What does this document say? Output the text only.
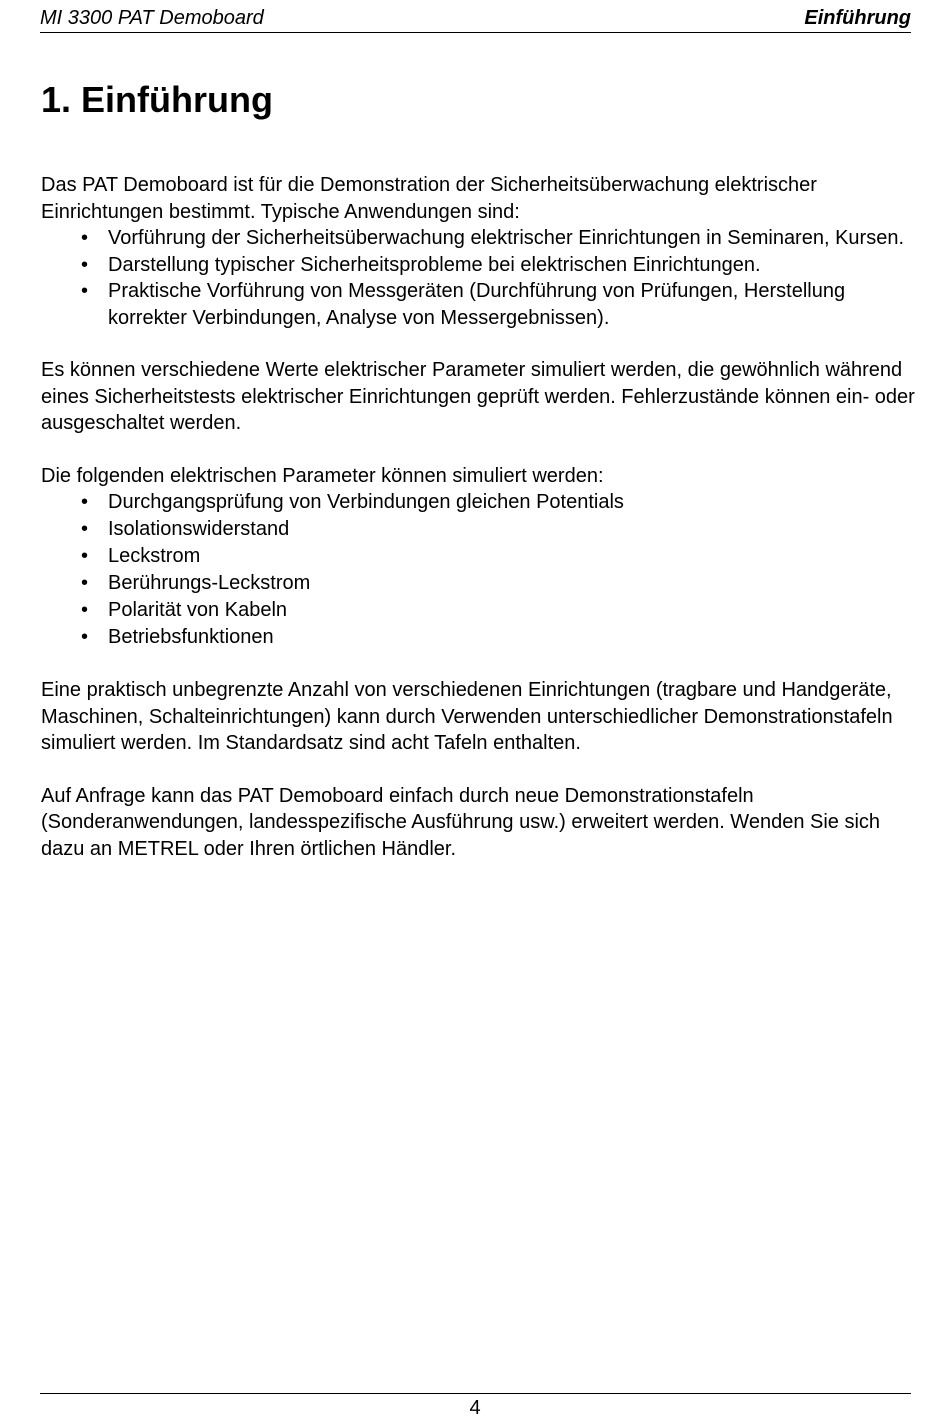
MI 3300 PAT Demoboard	Einführung
1. Einführung

Das PAT Demoboard ist für die Demonstration der Sicherheitsüberwachung elektrischer Einrichtungen bestimmt. Typische Anwendungen sind:

• Vorführung der Sicherheitsüberwachung elektrischer Einrichtungen in Seminaren, Kursen.
• Darstellung typischer Sicherheitsprobleme bei elektrischen Einrichtungen.
• Praktische Vorführung von Messgeräten (Durchführung von Prüfungen, Herstellung korrekter Verbindungen, Analyse von Messergebnissen).

Es können verschiedene Werte elektrischer Parameter simuliert werden, die gewöhnlich während eines Sicherheitstests elektrischer Einrichtungen geprüft werden. Fehlerzustände können ein- oder ausgeschaltet werden.

Die folgenden elektrischen Parameter können simuliert werden:

• Durchgangsprüfung von Verbindungen gleichen Potentials
• Isolationswiderstand
• Leckstrom
• Berührungs-Leckstrom
• Polarität von Kabeln
• Betriebsfunktionen

Eine praktisch unbegrenzte Anzahl von verschiedenen Einrichtungen (tragbare und Handgeräte, Maschinen, Schalteinrichtungen) kann durch Verwenden unterschiedlicher Demonstrationstafeln simuliert werden. Im Standardsatz sind acht Tafeln enthalten.

Auf Anfrage kann das PAT Demoboard einfach durch neue Demonstrationstafeln (Sonderanwendungen, landesspezifische Ausführung usw.) erweitert werden. Wenden Sie sich dazu an METREL oder Ihren örtlichen Händler.

4
